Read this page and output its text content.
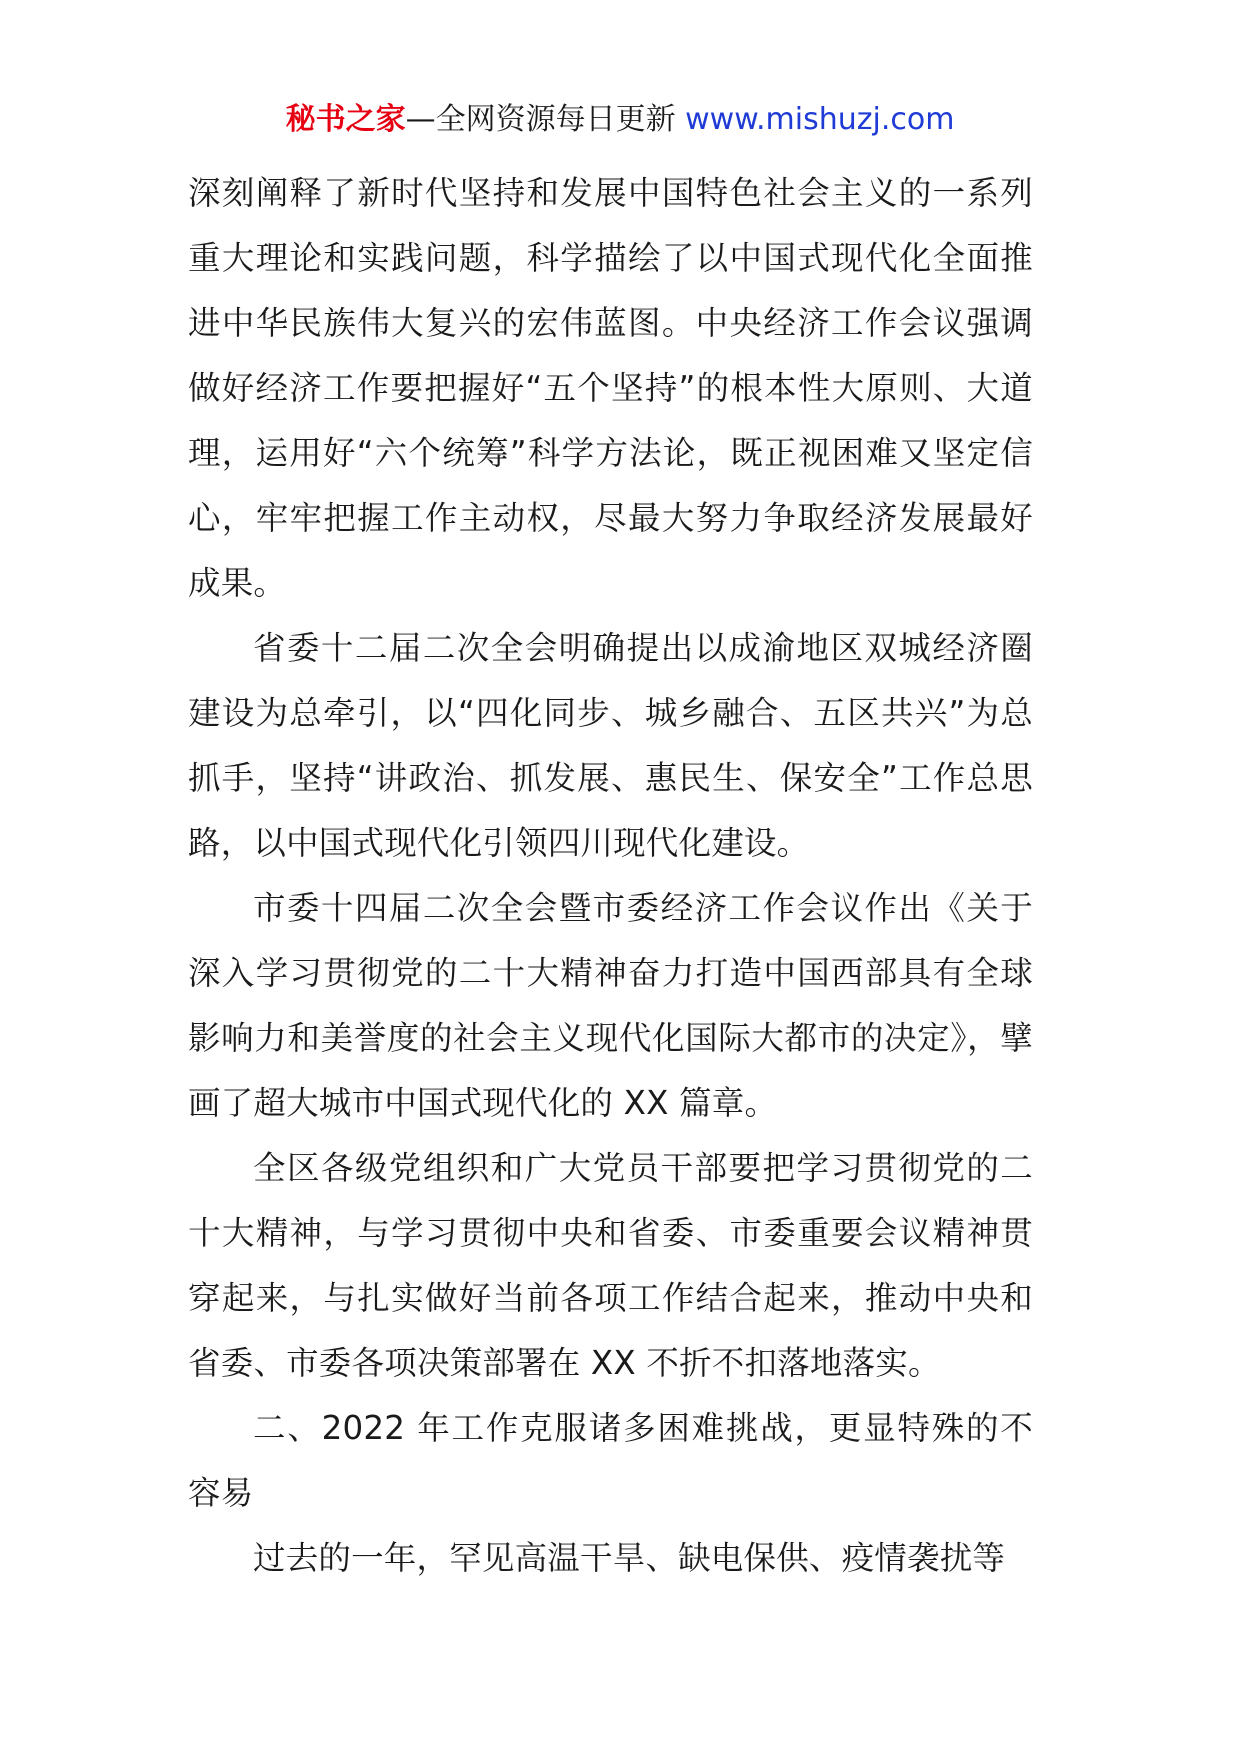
秘书之家—全网资源每日更新 www.mishuzj.com

深刻阐释了新时代坚持和发展中国特色社会主义的一系列重大理论和实践问题，科学描绘了以中国式现代化全面推进中华民族伟大复兴的宏伟蓝图。中央经济工作会议强调做好经济工作要把握好“五个坚持”的根本性大原则、大道理，运用好“六个统筹”科学方法论，既正视困难又坚定信心，牢牢把握工作主动权，尽最大努力争取经济发展最好成果。

省委十二届二次全会明确提出以成渝地区双城经济圈建设为总牵引，以“四化同步、城乡融合、五区共兴”为总抓手，坚持“讲政治、抓发展、惠民生、保安全”工作总思路，以中国式现代化引领四川现代化建设。

市委十四届二次全会暨市委经济工作会议作出《关于深入学习贯彻党的二十大精神奋力打造中国西部具有全球影响力和美誉度的社会主义现代化国际大都市的决定》，擘画了超大城市中国式现代化的 XX 篇章。

全区各级党组织和广大党员干部要把学习贯彻党的二十大精神，与学习贯彻中央和省委、市委重要会议精神贯穿起来，与扎实做好当前各项工作结合起来，推动中央和省委、市委各项决策部署在 XX 不折不扣落地落实。

二、2022 年工作克服诸多困难挑战，更显特殊的不容易

过去的一年，罕见高温干旱、缺电保供、疫情袭扰等
